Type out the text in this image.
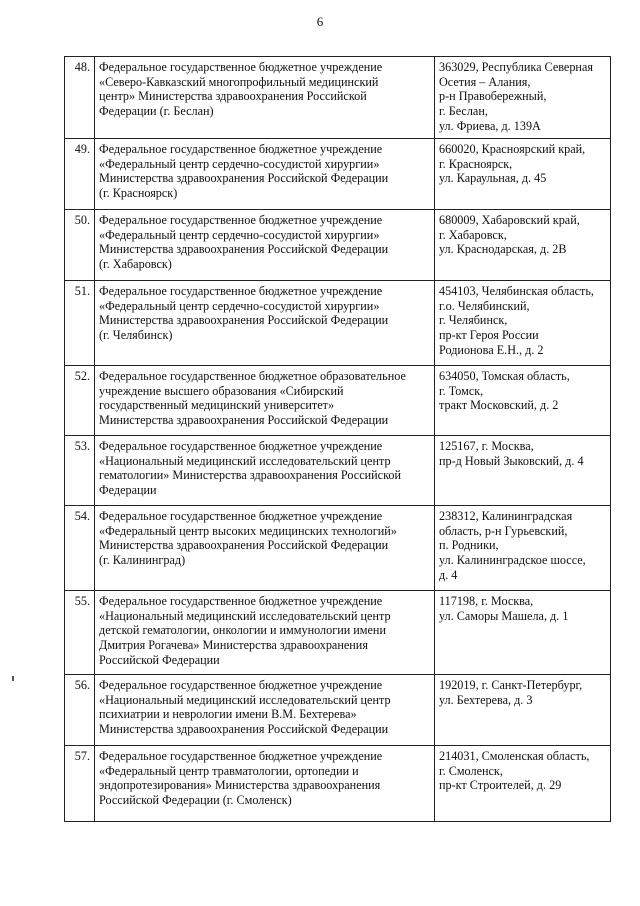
6
48.	Федеральное государственное бюджетное учреждение
«Северо-Кавказский многопрофильный медицинский
центр» Министерства здравоохранения Российской
Федерации (г. Беслан)	363029, Республика Северная
Осетия – Алания,
р-н Правобережный,
г. Беслан,
ул. Фриева, д. 139А
49.	Федеральное государственное бюджетное учреждение
«Федеральный центр сердечно-сосудистой хирургии»
Министерства здравоохранения Российской Федерации
(г. Красноярск)	660020, Красноярский край,
г. Красноярск,
ул. Караульная, д. 45
50.	Федеральное государственное бюджетное учреждение
«Федеральный центр сердечно-сосудистой хирургии»
Министерства здравоохранения Российской Федерации
(г. Хабаровск)	680009, Хабаровский край,
г. Хабаровск,
ул. Краснодарская, д. 2В
51.	Федеральное государственное бюджетное учреждение
«Федеральный центр сердечно-сосудистой хирургии»
Министерства здравоохранения Российской Федерации
(г. Челябинск)	454103, Челябинская область,
г.о. Челябинский,
г. Челябинск,
пр-кт Героя России
Родионова Е.Н., д. 2
52.	Федеральное государственное бюджетное образовательное
учреждение высшего образования «Сибирский
государственный медицинский университет»
Министерства здравоохранения Российской Федерации	634050, Томская область,
г. Томск,
тракт Московский, д. 2
53.	Федеральное государственное бюджетное учреждение
«Национальный медицинский исследовательский центр
гематологии» Министерства здравоохранения Российской
Федерации	125167, г. Москва,
пр-д Новый Зыковский, д. 4
54.	Федеральное государственное бюджетное учреждение
«Федеральный центр высоких медицинских технологий»
Министерства здравоохранения Российской Федерации
(г. Калининград)	238312, Калининградская
область, р-н Гурьевский,
п. Родники,
ул. Калининградское шоссе,
д. 4
55.	Федеральное государственное бюджетное учреждение
«Национальный медицинский исследовательский центр
детской гематологии, онкологии и иммунологии имени
Дмитрия Рогачева» Министерства здравоохранения
Российской Федерации	117198, г. Москва,
ул. Саморы Машела, д. 1
56.	Федеральное государственное бюджетное учреждение
«Национальный медицинский исследовательский центр
психиатрии и неврологии имени В.М. Бехтерева»
Министерства здравоохранения Российской Федерации	192019, г. Санкт-Петербург,
ул. Бехтерева, д. 3
57.	Федеральное государственное бюджетное учреждение
«Федеральный центр травматологии, ортопедии и
эндопротезирования» Министерства здравоохранения
Российской Федерации (г. Смоленск)	214031, Смоленская область,
г. Смоленск,
пр-кт Строителей, д. 29
